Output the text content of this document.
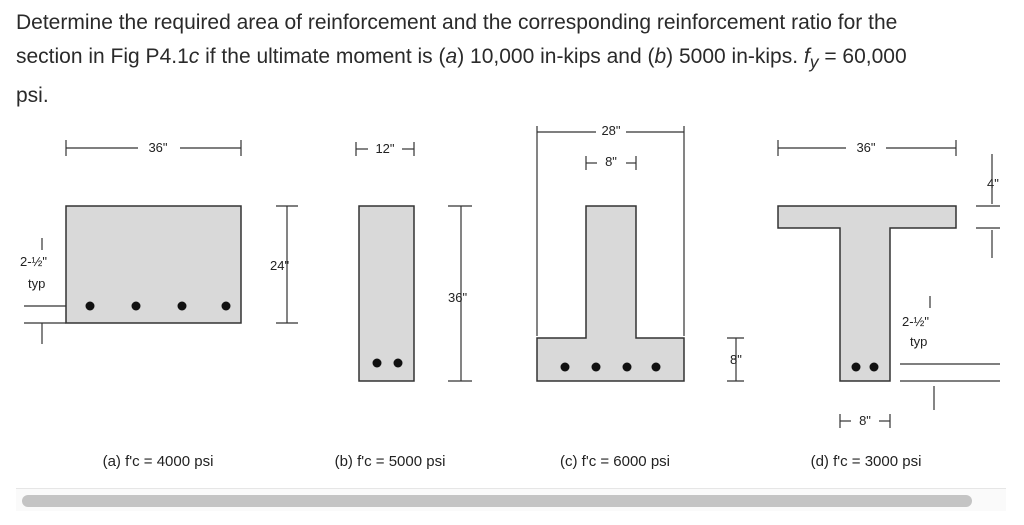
Determine the required area of reinforcement and the corresponding reinforcement ratio for the
section in Fig P4.1c if the ultimate moment is (a) 10,000 in-kips and (b) 5000 in-kips. $f_y = 60,000$
psi.

36"
2-½"
typ
(a) f'c = 4000 psi
12"
24"
36"
(b) f'c = 5000 psi
28"
8"
8"
(c) f'c = 6000 psi
36"
4"
2-½"
typ
8"
(d) f'c = 3000 psi
